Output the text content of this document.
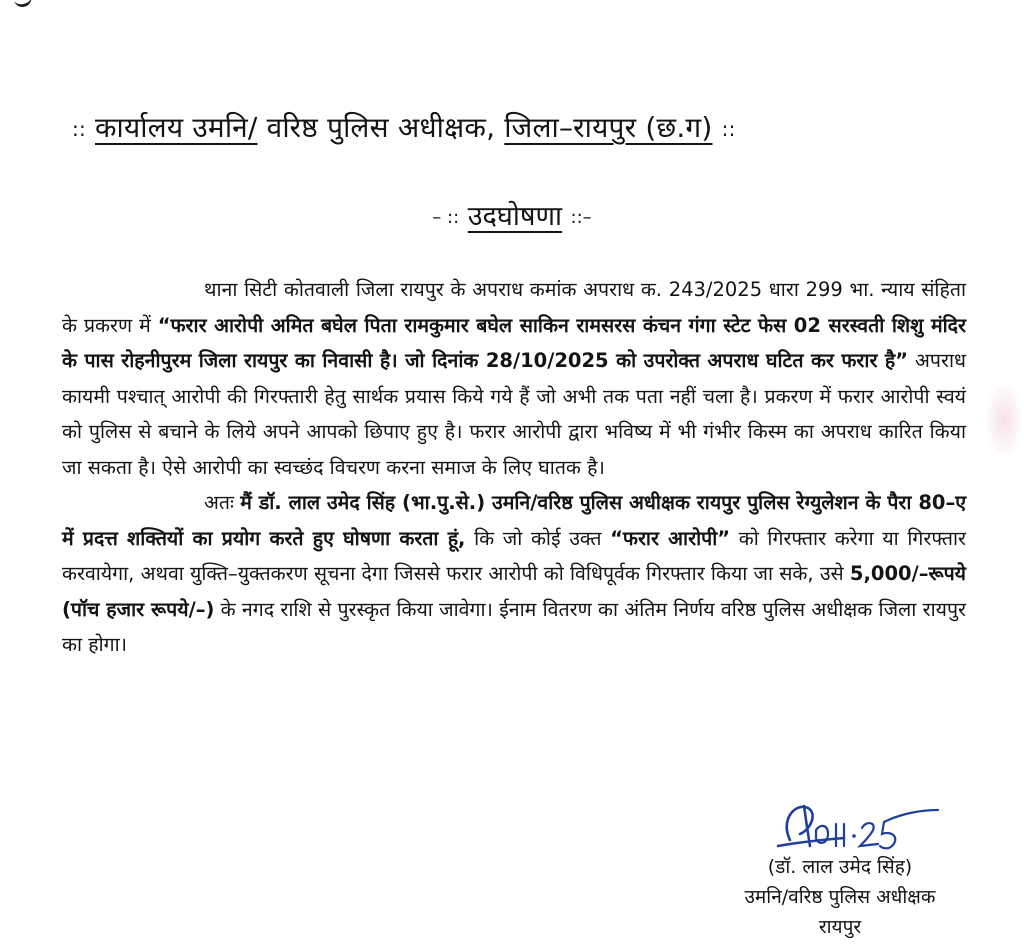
:: कार्यालय उमनि/ वरिष्ठ पुलिस अधीक्षक, जिला–रायपुर (छ.ग) ::
– :: उदघोषणा ::–

थाना सिटी कोतवाली जिला रायपुर के अपराध कमांक अपराध क. 243/2025 धारा 299 भा. न्याय संहिता के प्रकरण में “फरार आरोपी अमित बघेल पिता रामकुमार बघेल साकिन रामसरस कंचन गंगा स्टेट फेस 02 सरस्वती शिशु मंदिर के पास रोहनीपुरम जिला रायपुर का निवासी है। जो दिनांक 28/10/2025 को उपरोक्त अपराध घटित कर फरार है” अपराध कायमी पश्चात् आरोपी की गिरफ्तारी हेतु सार्थक प्रयास किये गये हैं जो अभी तक पता नहीं चला है। प्रकरण में फरार आरोपी स्वयं को पुलिस से बचाने के लिये अपने आपको छिपाए हुए है। फरार आरोपी द्वारा भविष्य में भी गंभीर किस्म का अपराध कारित किया जा सकता है। ऐसे आरोपी का स्वच्छंद विचरण करना समाज के लिए घातक है।

अतः मैं डॉ. लाल उमेद सिंह (भा.पु.से.) उमनि/वरिष्ठ पुलिस अधीक्षक रायपुर पुलिस रेग्युलेशन के पैरा 80–ए में प्रदत्त शक्तियों का प्रयोग करते हुए घोषणा करता हूं, कि जो कोई उक्त “फरार आरोपी” को गिरफ्तार करेगा या गिरफ्तार करवायेगा, अथवा युक्ति–युक्तकरण सूचना देगा जिससे फरार आरोपी को विधिपूर्वक गिरफ्तार किया जा सके, उसे 5,000/–रूपये (पॉच हजार रूपये/–) के नगद राशि से पुरस्कृत किया जावेगा। ईनाम वितरण का अंतिम निर्णय वरिष्ठ पुलिस अधीक्षक जिला रायपुर का होगा।

(डॉ. लाल उमेद सिंह)
उमनि/वरिष्ठ पुलिस अधीक्षक
रायपुर
